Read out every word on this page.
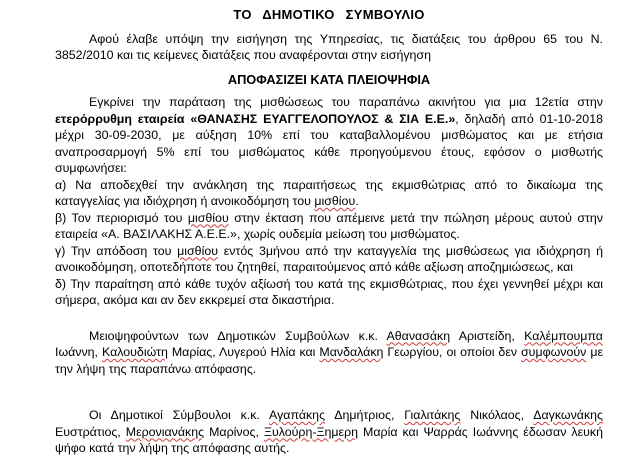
ΤΟ ΔΗΜΟΤΙΚΟ ΣΥΜΒΟΥΛΙΟ

Αφού έλαβε υπόψη την εισήγηση της Υπηρεσίας, τις διατάξεις του άρθρου 65 του Ν. 3852/2010 και τις κείμενες διατάξεις που αναφέρονται στην εισήγηση

ΑΠΟΦΑΣΙΖΕΙ ΚΑΤΑ ΠΛΕΙΟΨΗΦΙΑ

Εγκρίνει την παράταση της μισθώσεως του παραπάνω ακινήτου για μια 12ετία στην ετερόρρυθμη εταιρεία «ΘΑΝΑΣΗΣ ΕΥΑΓΓΕΛΟΠΟΥΛΟΣ & ΣΙΑ Ε.Ε.», δηλαδή από 01-10-2018 μέχρι 30-09-2030, με αύξηση 10% επί του καταβαλλομένου μισθώματος και με ετήσια αναπροσαρμογή 5% επί του μισθώματος κάθε προηγούμενου έτους, εφόσον ο μισθωτής συμφωνήσει:

α) Να αποδεχθεί την ανάκληση της παραιτήσεως της εκμισθώτριας από το δικαίωμα της καταγγελίας για ιδιόχρηση ή ανοικοδόμηση του μισθίου.

β) Τον περιορισμό του μισθίου στην έκταση που απέμεινε μετά την πώληση μέρους αυτού στην εταιρεία «Α. ΒΑΣΙΛΑΚΗΣ Α.Ε.Ε.», χωρίς ουδεμία μείωση του μισθώματος.

γ) Την απόδοση του μισθίου εντός 3μήνου από την καταγγελία της μισθώσεως για ιδιόχρηση ή ανοικοδόμηση, οποτεδήποτε του ζητηθεί, παραιτούμενος από κάθε αξίωση αποζημιώσεως, και

δ) Την παραίτηση από κάθε τυχόν αξίωσή του κατά της εκμισθώτριας, που έχει γεννηθεί μέχρι και σήμερα, ακόμα και αν δεν εκκρεμεί στα δικαστήρια.

Μειοψηφούντων των Δημοτικών Συμβούλων κ.κ. Αθανασάκη Αριστείδη, Καλέμπουμπα Ιωάννη, Καλουδιώτη Μαρίας, Λυγερού Ηλία και Μανδαλάκη Γεωργίου, οι οποίοι δεν συμφωνούν με την λήψη της παραπάνω απόφασης.

Οι Δημοτικοί Σύμβουλοι κ.κ. Αγαπάκης Δημήτριος, Γιαλιτάκης Νικόλαος, Δαγκωνάκης Ευστράτιος, Μερονιανάκης Μαρίνος, Ξυλούρη-Ξημερη Μαρία και Ψαρράς Ιωάννης έδωσαν λευκή ψήφο κατά την λήψη της απόφασης αυτής.
